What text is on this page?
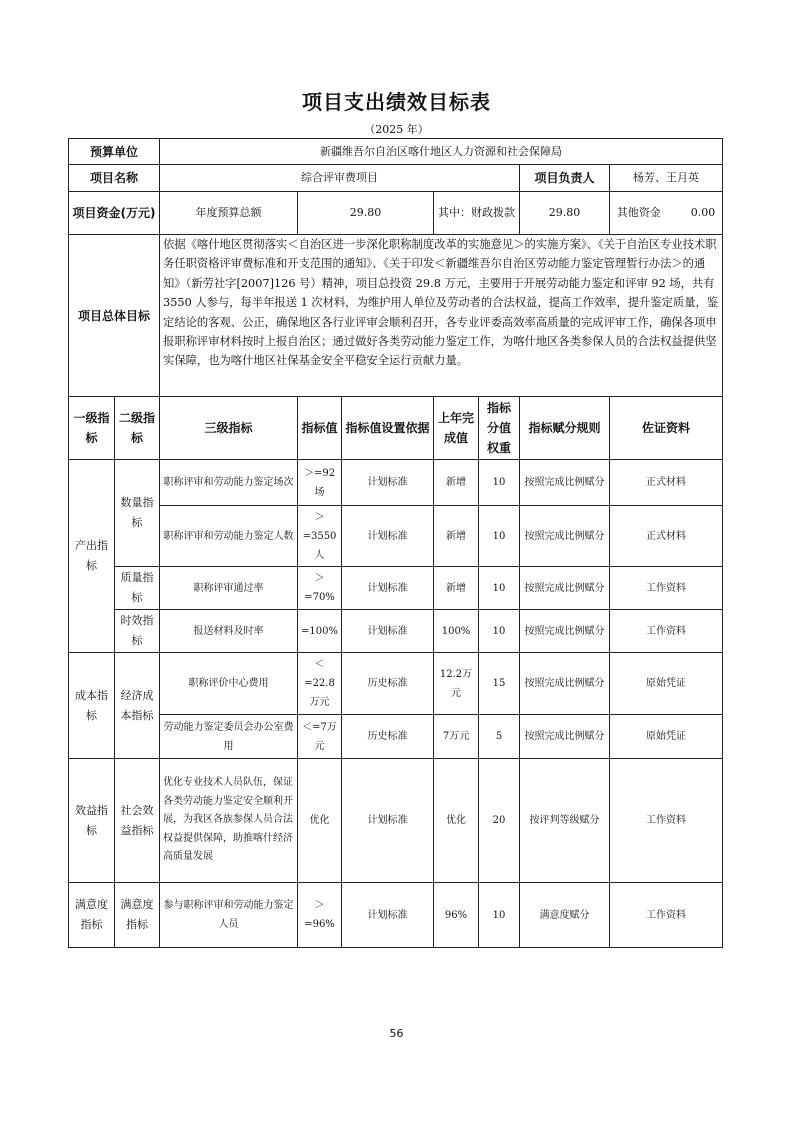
项目支出绩效目标表
（2025 年）
预算单位		新疆维吾尔自治区喀什地区人力资源和社会保障局						
项目名称		综合评审费项目					项目负责人	杨芳、王月英
项目资金(万元)		年度预算总额	29.80		其中：财政拨款		29.80	其他资金 0.00
项目总体目标		依据《喀什地区贯彻落实＜自治区进一步深化职称制度改革的实施意见＞的实施方案》、《关于自治区专业技术职务任职资格评审费标准和开支范围的通知》、《关于印发＜新疆维吾尔自治区劳动能力鉴定管理暂行办法＞的通知》（新劳社字[2007]126 号）精神，项目总投资 29.8 万元，主要用于开展劳动能力鉴定和评审 92 场，共有 3550 人参与，每半年报送 1 次材料，为维护用人单位及劳动者的合法权益，提高工作效率，提升鉴定质量，鉴定结论的客观、公正，确保地区各行业评审会顺利召开，各专业评委高效率高质量的完成评审工作，确保各项申报职称评审材料按时上报自治区；通过做好各类劳动能力鉴定工作，为喀什地区各类参保人员的合法权益提供坚实保障，也为喀什地区社保基金安全平稳安全运行贡献力量。						
一级指标	二级指标	三级指标	指标值	指标值设置依据	上年完成值	指标分值权重	指标赋分规则	佐证资料
产出指标	数量指标	职称评审和劳动能力鉴定场次	＞=92场	计划标准	新增	10	按照完成比例赋分	正式材料
		职称评审和劳动能力鉴定人数	＞=3550人	计划标准	新增	10	按照完成比例赋分	正式材料
	质量指标	职称评审通过率	＞=70%	计划标准	新增	10	按照完成比例赋分	工作资料
	时效指标	报送材料及时率	=100%	计划标准	100%	10	按照完成比例赋分	工作资料
成本指标	经济成本指标	职称评价中心费用	＜=22.8万元	历史标准	12.2万元	15	按照完成比例赋分	原始凭证
		劳动能力鉴定委员会办公室费用	＜=7万元	历史标准	7万元	5	按照完成比例赋分	原始凭证
效益指标	社会效益指标	优化专业技术人员队伍，保证各类劳动能力鉴定安全顺利开展，为我区各族参保人员合法权益提供保障，助推喀什经济高质量发展	优化	计划标准	优化	20	按评判等级赋分	工作资料
满意度指标	满意度指标	参与职称评审和劳动能力鉴定人员	＞=96%	计划标准	96%	10	满意度赋分	工作资料
56
